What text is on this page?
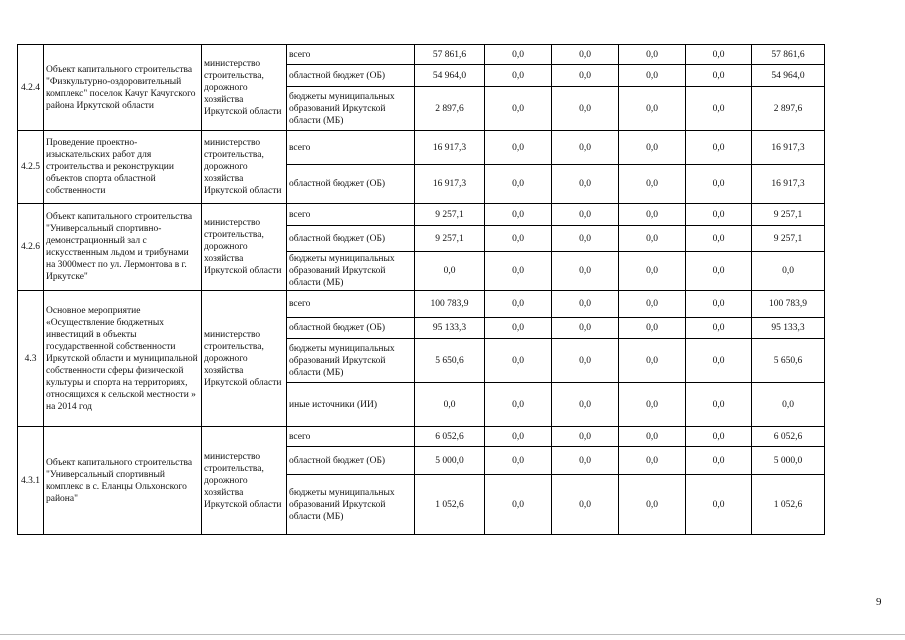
4.2.4	Объект капитального строительства "Физкультурно-оздоровительный комплекс" поселок Качуг Качугского района Иркутской области	министерство строительства, дорожного хозяйства Иркутской области	всего	57 861,6	0,0	0,0	0,0	0,0	57 861,6
			областной бюджет (ОБ)	54 964,0	0,0	0,0	0,0	0,0	54 964,0
			бюджеты муниципальных образований Иркутской области (МБ)	2 897,6	0,0	0,0	0,0	0,0	2 897,6
4.2.5	Проведение проектно-изыскательских работ для строительства и реконструкции объектов спорта областной собственности	министерство строительства, дорожного хозяйства Иркутской области	всего	16 917,3	0,0	0,0	0,0	0,0	16 917,3
			областной бюджет (ОБ)	16 917,3	0,0	0,0	0,0	0,0	16 917,3
4.2.6	Объект капитального строительства "Универсальный спортивно-демонстрационный зал с искусственным льдом и трибунами на 3000мест по ул. Лермонтова в г. Иркутске"	министерство строительства, дорожного хозяйства Иркутской области	всего	9 257,1	0,0	0,0	0,0	0,0	9 257,1
			областной бюджет (ОБ)	9 257,1	0,0	0,0	0,0	0,0	9 257,1
			бюджеты муниципальных образований Иркутской области (МБ)	0,0	0,0	0,0	0,0	0,0	0,0
4.3	Основное мероприятие «Осуществление бюджетных инвестиций в объекты государственной собственности Иркутской области и муниципальной собственности сферы физической культуры и спорта на территориях, относящихся к сельской местности » на 2014 год	министерство строительства, дорожного хозяйства Иркутской области	всего	100 783,9	0,0	0,0	0,0	0,0	100 783,9
			областной бюджет (ОБ)	95 133,3	0,0	0,0	0,0	0,0	95 133,3
			бюджеты муниципальных образований Иркутской области (МБ)	5 650,6	0,0	0,0	0,0	0,0	5 650,6
			иные источники (ИИ)	0,0	0,0	0,0	0,0	0,0	0,0
4.3.1	Объект капитального строительства "Универсальный спортивный комплекс в с. Еланцы Ольхонского района"	министерство строительства, дорожного хозяйства Иркутской области	всего	6 052,6	0,0	0,0	0,0	0,0	6 052,6
			областной бюджет (ОБ)	5 000,0	0,0	0,0	0,0	0,0	5 000,0
			бюджеты муниципальных образований Иркутской области (МБ)	1 052,6	0,0	0,0	0,0	0,0	1 052,6
9
